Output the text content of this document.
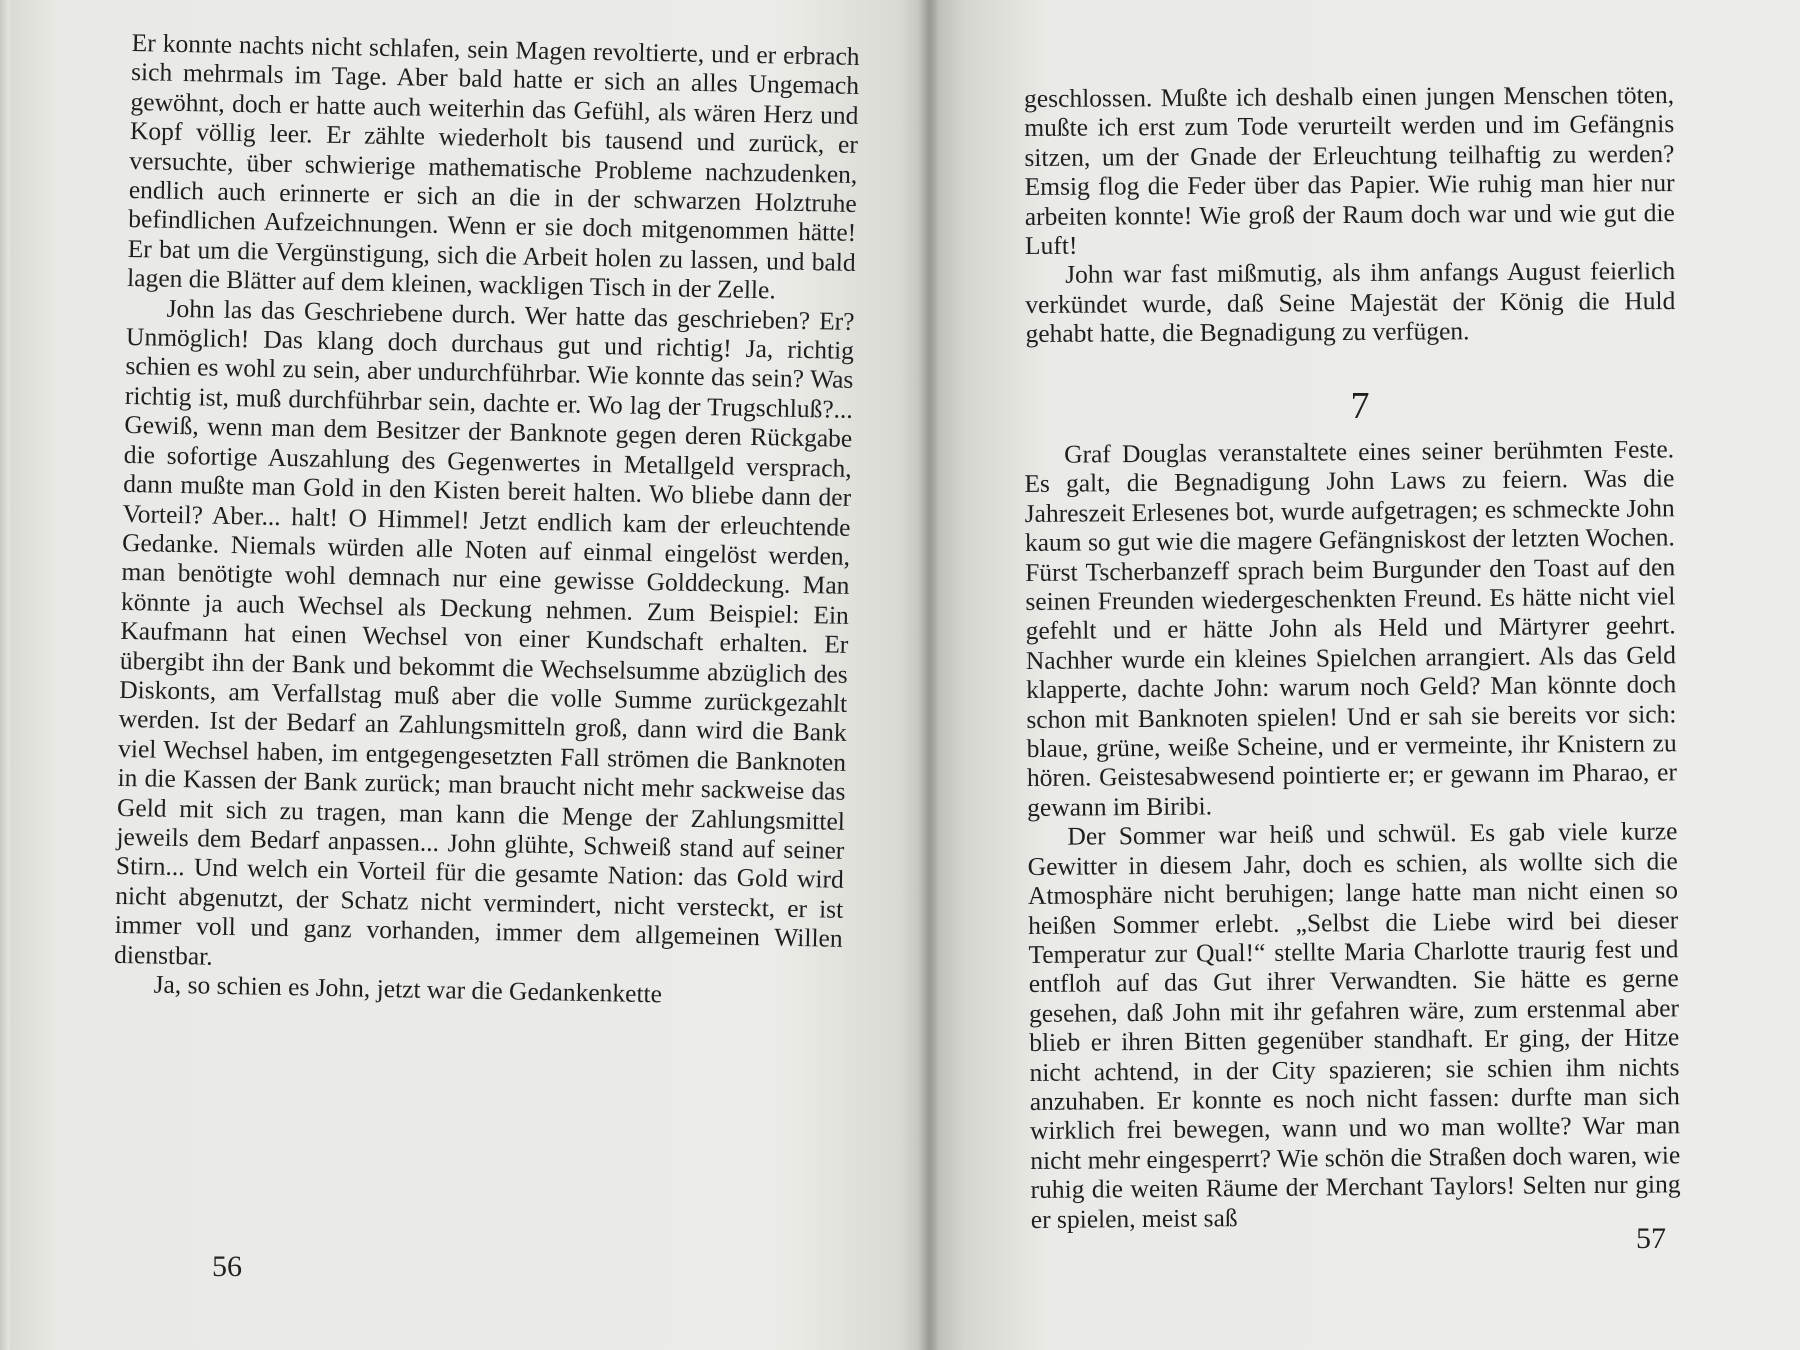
Er konnte nachts nicht schlafen, sein Magen revoltierte, und er erbrach sich mehrmals im Tage. Aber bald hatte er sich an alles Ungemach gewöhnt, doch er hatte auch weiterhin das Gefühl, als wären Herz und Kopf völlig leer. Er zählte wiederholt bis tausend und zurück, er versuchte, über schwierige mathematische Probleme nachzudenken, endlich auch erinnerte er sich an die in der schwarzen Holztruhe befindlichen Aufzeichnungen. Wenn er sie doch mitgenommen hätte! Er bat um die Vergünstigung, sich die Arbeit holen zu lassen, und bald lagen die Blätter auf dem kleinen, wackligen Tisch in der Zelle.

John las das Geschriebene durch. Wer hatte das geschrieben? Er? Unmöglich! Das klang doch durchaus gut und richtig! Ja, richtig schien es wohl zu sein, aber undurchführbar. Wie konnte das sein? Was richtig ist, muß durchführbar sein, dachte er. Wo lag der Trugschluß?... Gewiß, wenn man dem Besitzer der Banknote gegen deren Rückgabe die sofortige Auszahlung des Gegenwertes in Metallgeld versprach, dann mußte man Gold in den Kisten bereit halten. Wo bliebe dann der Vorteil? Aber... halt! O Himmel! Jetzt endlich kam der erleuchtende Gedanke. Niemals würden alle Noten auf einmal eingelöst werden, man benötigte wohl demnach nur eine gewisse Golddeckung. Man könnte ja auch Wechsel als Deckung nehmen. Zum Beispiel: Ein Kaufmann hat einen Wechsel von einer Kundschaft erhalten. Er übergibt ihn der Bank und bekommt die Wechselsumme abzüglich des Diskonts, am Verfallstag muß aber die volle Summe zurückgezahlt werden. Ist der Bedarf an Zahlungsmitteln groß, dann wird die Bank viel Wechsel haben, im entgegengesetzten Fall strömen die Banknoten in die Kassen der Bank zurück; man braucht nicht mehr sackweise das Geld mit sich zu tragen, man kann die Menge der Zahlungsmittel jeweils dem Bedarf anpassen... John glühte, Schweiß stand auf seiner Stirn... Und welch ein Vorteil für die gesamte Nation: das Gold wird nicht abgenutzt, der Schatz nicht vermindert, nicht versteckt, er ist immer voll und ganz vorhanden, immer dem allgemeinen Willen dienstbar.

Ja, so schien es John, jetzt war die Gedankenkette

56

geschlossen. Mußte ich deshalb einen jungen Menschen töten, mußte ich erst zum Tode verurteilt werden und im Gefängnis sitzen, um der Gnade der Erleuchtung teilhaftig zu werden? Emsig flog die Feder über das Papier. Wie ruhig man hier nur arbeiten konnte! Wie groß der Raum doch war und wie gut die Luft!

John war fast mißmutig, als ihm anfangs August feierlich verkündet wurde, daß Seine Majestät der König die Huld gehabt hatte, die Begnadigung zu verfügen.

7

Graf Douglas veranstaltete eines seiner berühmten Feste. Es galt, die Begnadigung John Laws zu feiern. Was die Jahreszeit Erlesenes bot, wurde aufgetragen; es schmeckte John kaum so gut wie die magere Gefängniskost der letzten Wochen. Fürst Tscherbanzeff sprach beim Burgunder den Toast auf den seinen Freunden wiedergeschenkten Freund. Es hätte nicht viel gefehlt und er hätte John als Held und Märtyrer geehrt. Nachher wurde ein kleines Spielchen arrangiert. Als das Geld klapperte, dachte John: warum noch Geld? Man könnte doch schon mit Banknoten spielen! Und er sah sie bereits vor sich: blaue, grüne, weiße Scheine, und er vermeinte, ihr Knistern zu hören. Geistesabwesend pointierte er; er gewann im Pharao, er gewann im Biribi.

Der Sommer war heiß und schwül. Es gab viele kurze Gewitter in diesem Jahr, doch es schien, als wollte sich die Atmosphäre nicht beruhigen; lange hatte man nicht einen so heißen Sommer erlebt. „Selbst die Liebe wird bei dieser Temperatur zur Qual!“ stellte Maria Charlotte traurig fest und entfloh auf das Gut ihrer Verwandten. Sie hätte es gerne gesehen, daß John mit ihr gefahren wäre, zum erstenmal aber blieb er ihren Bitten gegenüber standhaft. Er ging, der Hitze nicht achtend, in der City spazieren; sie schien ihm nichts anzuhaben. Er konnte es noch nicht fassen: durfte man sich wirklich frei bewegen, wann und wo man wollte? War man nicht mehr eingesperrt? Wie schön die Straßen doch waren, wie ruhig die weiten Räume der Merchant Taylors! Selten nur ging er spielen, meist saß

57
